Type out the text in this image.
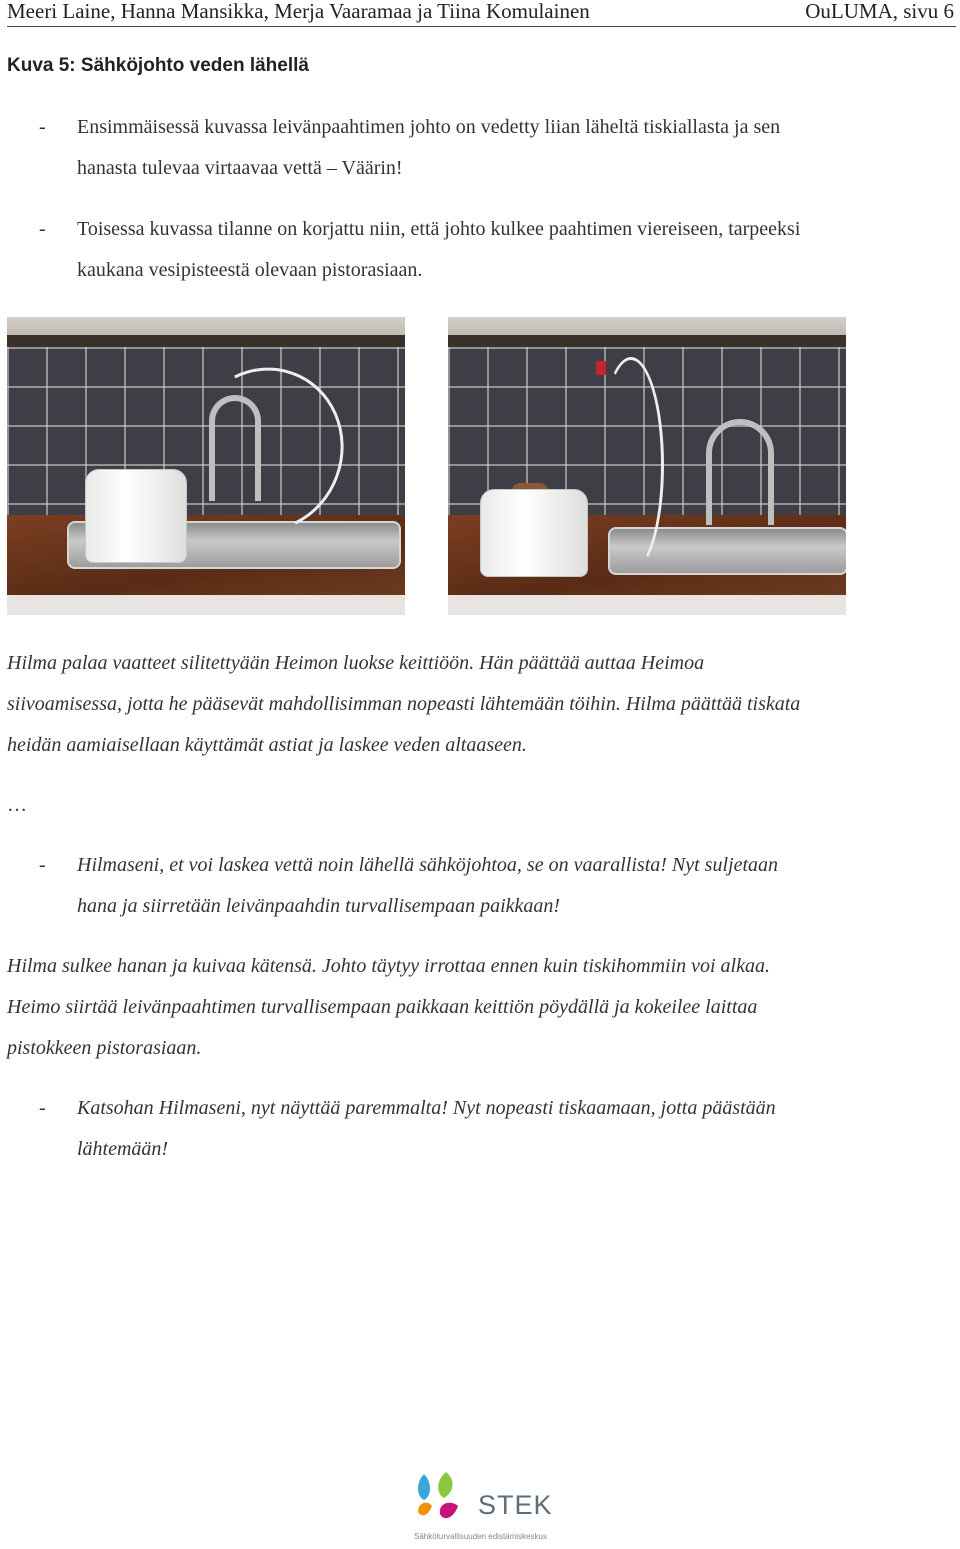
Meeri Laine, Hanna Mansikka, Merja Vaaramaa ja Tiina Komulainen	OuLUMA, sivu 6
Kuva 5: Sähköjohto veden lähellä
- Ensimmäisessä kuvassa leivänpaahtimen johto on vedetty liian läheltä tiskiallasta ja sen
hanasta tulevaa virtaavaa vettä – Väärin!
- Toisessa kuvassa tilanne on korjattu niin, että johto kulkee paahtimen viereiseen, tarpeeksi
kaukana vesipisteestä olevaan pistorasiaan.
Hilma palaa vaatteet silitettyään Heimon luokse keittiöön. Hän päättää auttaa Heimoa
siivoamisessa, jotta he pääsevät mahdollisimman nopeasti lähtemään töihin. Hilma päättää tiskata
heidän aamiaisellaan käyttämät astiat ja laskee veden altaaseen.
…
- Hilmaseni, et voi laskea vettä noin lähellä sähköjohtoa, se on vaarallista! Nyt suljetaan
hana ja siirretään leivänpaahdin turvallisempaan paikkaan!
Hilma sulkee hanan ja kuivaa kätensä. Johto täytyy irrottaa ennen kuin tiskihommiin voi alkaa.
Heimo siirtää leivänpaahtimen turvallisempaan paikkaan keittiön pöydällä ja kokeilee laittaa
pistokkeen pistorasiaan.
- Katsohan Hilmaseni, nyt näyttää paremmalta! Nyt nopeasti tiskaamaan, jotta päästään
lähtemään!
STEK
Sähköturvallisuuden edistämiskeskus
